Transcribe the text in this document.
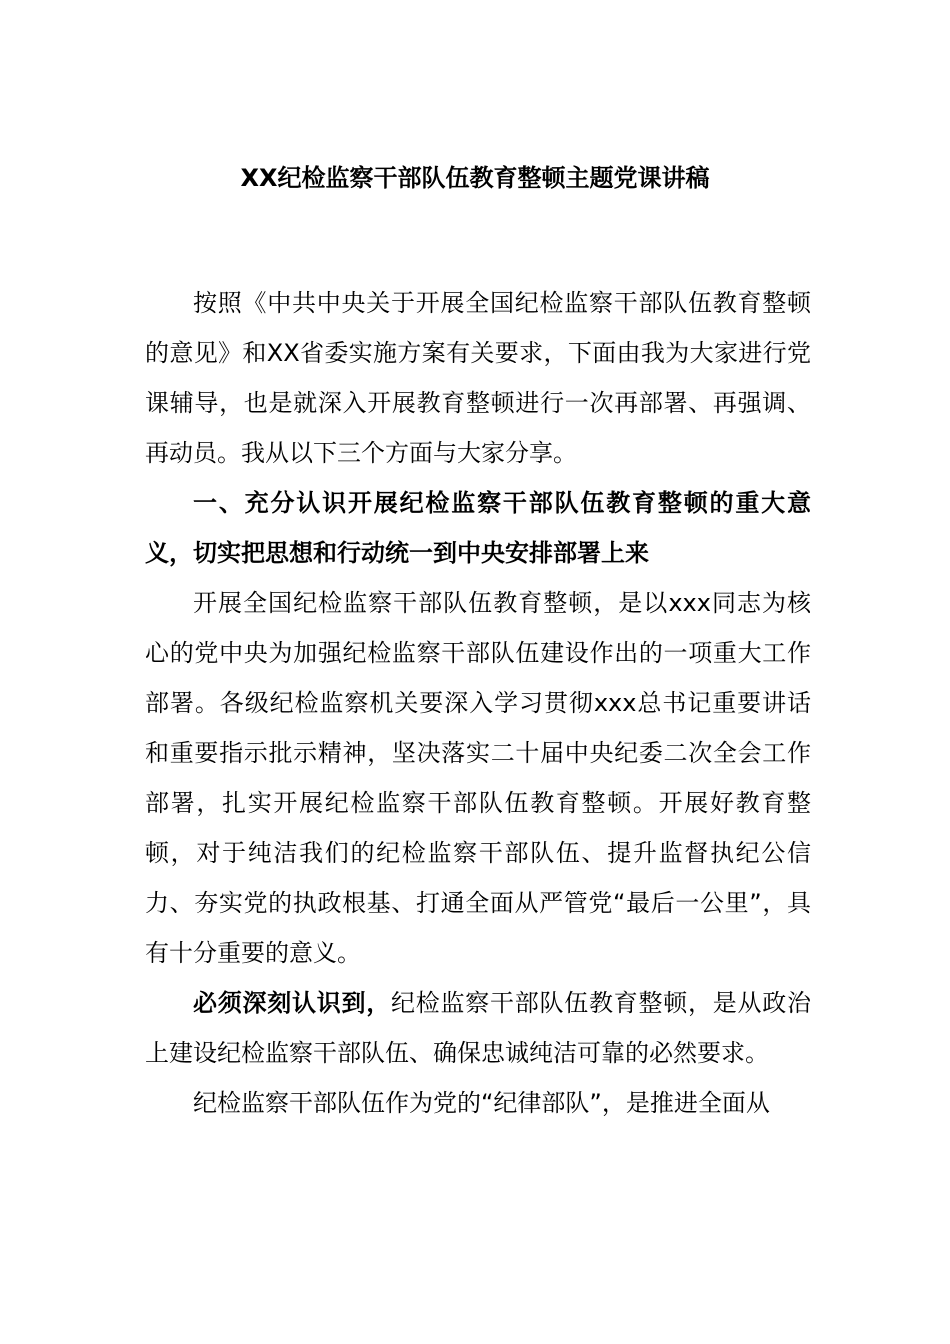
XX纪检监察干部队伍教育整顿主题党课讲稿

按照《中共中央关于开展全国纪检监察干部队伍教育整顿的意见》和XX省委实施方案有关要求，下面由我为大家进行党课辅导，也是就深入开展教育整顿进行一次再部署、再强调、再动员。我从以下三个方面与大家分享。

一、充分认识开展纪检监察干部队伍教育整顿的重大意义，切实把思想和行动统一到中央安排部署上来

开展全国纪检监察干部队伍教育整顿，是以xxx同志为核心的党中央为加强纪检监察干部队伍建设作出的一项重大工作部署。各级纪检监察机关要深入学习贯彻xxx总书记重要讲话和重要指示批示精神，坚决落实二十届中央纪委二次全会工作部署，扎实开展纪检监察干部队伍教育整顿。开展好教育整顿，对于纯洁我们的纪检监察干部队伍、提升监督执纪公信力、夯实党的执政根基、打通全面从严管党“最后一公里”，具有十分重要的意义。

必须深刻认识到，纪检监察干部队伍教育整顿，是从政治上建设纪检监察干部队伍、确保忠诚纯洁可靠的必然要求。

纪检监察干部队伍作为党的“纪律部队”，是推进全面从
